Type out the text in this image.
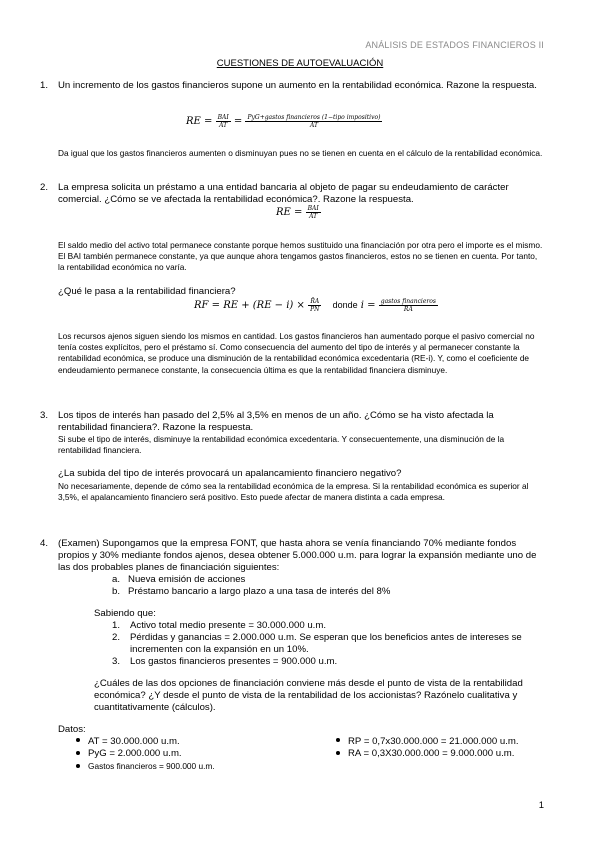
ANÁLISIS DE ESTADOS FINANCIEROS II
CUESTIONES DE AUTOEVALUACIÓN
1. Un incremento de los gastos financieros supone un aumento en la rentabilidad económica. Razone la respuesta.
RE = $\frac{\text{BAI}}{AT} = \frac{\text{PyG+gastos financieros (1−tipo impositivo)}}{AT}$
Da igual que los gastos financieros aumenten o disminuyan pues no se tienen en cuenta en el cálculo de la rentabilidad económica.
2. La empresa solicita un préstamo a una entidad bancaria al objeto de pagar su endeudamiento de carácter comercial. ¿Cómo se ve afectada la rentabilidad económica?. Razone la respuesta.
RE = $\frac{\text{BAI}}{AT}$
El saldo medio del activo total permanece constante porque hemos sustituido una financiación por otra pero el importe es el mismo. El BAI también permanece constante, ya que aunque ahora tengamos gastos financieros, estos no se tienen en cuenta. Por tanto, la rentabilidad económica no varía.
¿Qué le pasa a la rentabilidad financiera?
RF = RE + $(RE - i) \times \frac{R̄A}{PN}$ donde $i = \frac{\text{gastos financieros}}{RA}$
Los recursos ajenos siguen siendo los mismos en cantidad. Los gastos financieros han aumentado porque el pasivo comercial no tenía costes explícitos, pero el préstamo sí. Como consecuencia del aumento del tipo de interés y al permanecer constante la rentabilidad económica, se produce una disminución de la rentabilidad económica excedentaria (RE-i). Y, como el coeficiente de endeudamiento permanece constante, la consecuencia última es que la rentabilidad financiera disminuye.
3. Los tipos de interés han pasado del 2,5% al 3,5% en menos de un año. ¿Cómo se ha visto afectada la rentabilidad financiera?. Razone la respuesta.
Si sube el tipo de interés, disminuye la rentabilidad económica excedentaria. Y consecuentemente, una disminución de la rentabilidad financiera.
¿La subida del tipo de interés provocará un apalancamiento financiero negativo?
No necesariamente, depende de cómo sea la rentabilidad económica de la empresa. Si la rentabilidad económica es superior al 3,5%, el apalancamiento financiero será positivo. Esto puede afectar de manera distinta a cada empresa.
4. (Examen) Supongamos que la empresa FONT, que hasta ahora se venía financiando 70% mediante fondos propios y 30% mediante fondos ajenos, desea obtener 5.000.000 u.m. para lograr la expansión mediante uno de las dos probables planes de financiación siguientes:
a. Nueva emisión de acciones
b. Préstamo bancario a largo plazo a una tasa de interés del 8%
Sabiendo que:
1. Activo total medio presente = 30.000.000 u.m.
2. Pérdidas y ganancias = 2.000.000 u.m. Se esperan que los beneficios antes de intereses se incrementen con la expansión en un 10%.
3. Los gastos financieros presentes = 900.000 u.m.
¿Cuáles de las dos opciones de financiación conviene más desde el punto de vista de la rentabilidad económica? ¿Y desde el punto de vista de la rentabilidad de los accionistas? Razónelo cualitativa y cuantitativamente (cálculos).
Datos:
AT = 30.000.000 u.m.
PyG = 2.000.000 u.m.
Gastos financieros = 900.000 u.m.
RP = 0,7x30.000.000 = 21.000.000 u.m.
RA = 0,3X30.000.000 = 9.000.000 u.m.
1
